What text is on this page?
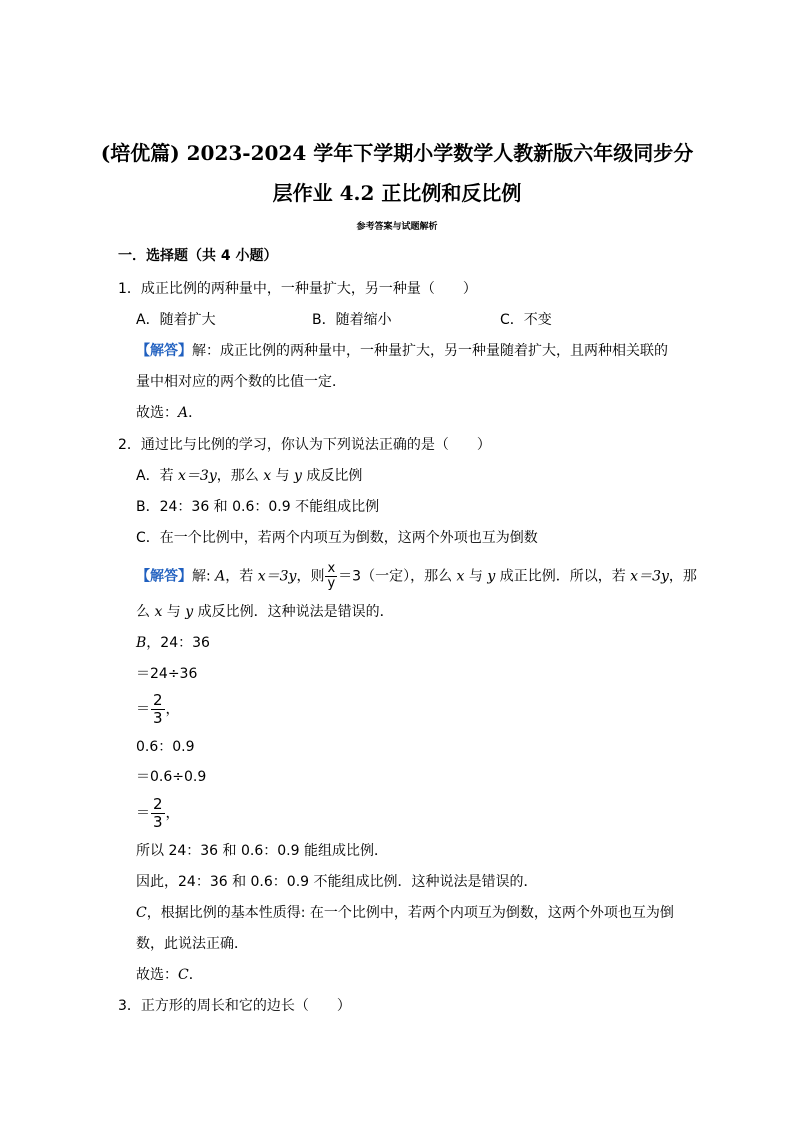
(培优篇) 2023-2024 学年下学期小学数学人教新版六年级同步分
层作业 4.2 正比例和反比例
参考答案与试题解析
一．选择题（共 4 小题）
1．成正比例的两种量中，一种量扩大，另一种量（　　）
A．随着扩大	B．随着缩小	C．不变
【解答】解：成正比例的两种量中，一种量扩大，另一种量随着扩大，且两种相关联的
量中相对应的两个数的比值一定．
故选：A．
2．通过比与比例的学习，你认为下列说法正确的是（　　）
A．若 x＝3y，那么 x 与 y 成反比例
B．24：36 和 0.6：0.9 不能组成比例
C．在一个比例中，若两个内项互为倒数，这两个外项也互为倒数
【解答】解: A，若 x＝3y，则 $\frac{x}{y} =3$（一定），那么 x 与 y 成正比例．所以，若 x＝3y，那
么 x 与 y 成反比例．这种说法是错误的．
B，24：36
＝24÷36
＝ $\frac{2}{3}$ ，
0.6：0.9
＝0.6÷0.9
＝ $\frac{2}{3}$ ，
所以 24：36 和 0.6：0.9 能组成比例．
因此，24：36 和 0.6：0.9 不能组成比例．这种说法是错误的．
C，根据比例的基本性质得: 在一个比例中，若两个内项互为倒数，这两个外项也互为倒
数，此说法正确．
故选：C．
3．正方形的周长和它的边长（　　）
